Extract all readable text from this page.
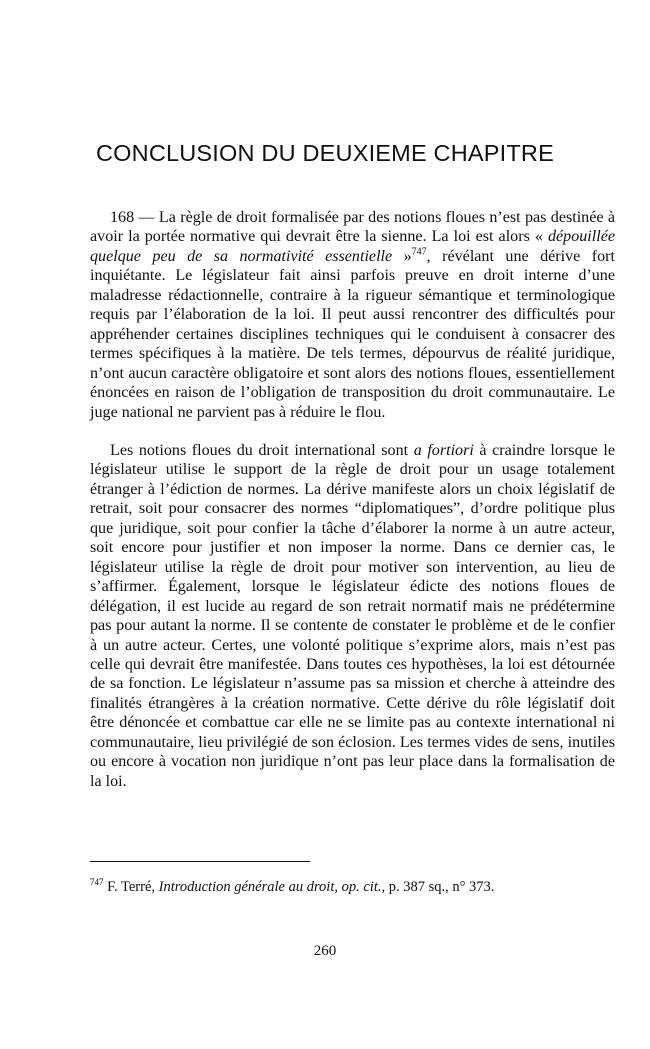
CONCLUSION DU DEUXIEME CHAPITRE

168 — La règle de droit formalisée par des notions floues n’est pas destinée à avoir la portée normative qui devrait être la sienne. La loi est alors « dépouillée quelque peu de sa normativité essentielle »$^{747}$, révélant une dérive fort inquiétante. Le législateur fait ainsi parfois preuve en droit interne d’une maladresse rédactionnelle, contraire à la rigueur sémantique et terminologique requis par l’élaboration de la loi. Il peut aussi rencontrer des difficultés pour appréhender certaines disciplines techniques qui le conduisent à consacrer des termes spécifiques à la matière. De tels termes, dépourvus de réalité juridique, n’ont aucun caractère obligatoire et sont alors des notions floues, essentiellement énoncées en raison de l’obligation de transposition du droit communautaire. Le juge national ne parvient pas à réduire le flou.

Les notions floues du droit international sont a fortiori à craindre lorsque le législateur utilise le support de la règle de droit pour un usage totalement étranger à l’édiction de normes. La dérive manifeste alors un choix législatif de retrait, soit pour consacrer des normes “diplomatiques”, d’ordre politique plus que juridique, soit pour confier la tâche d’élaborer la norme à un autre acteur, soit encore pour justifier et non imposer la norme. Dans ce dernier cas, le législateur utilise la règle de droit pour motiver son intervention, au lieu de s’affirmer. Également, lorsque le législateur édicte des notions floues de délégation, il est lucide au regard de son retrait normatif mais ne prédétermine pas pour autant la norme. Il se contente de constater le problème et de le confier à un autre acteur. Certes, une volonté politique s’exprime alors, mais n’est pas celle qui devrait être manifestée. Dans toutes ces hypothèses, la loi est détournée de sa fonction. Le législateur n’assume pas sa mission et cherche à atteindre des finalités étrangères à la création normative. Cette dérive du rôle législatif doit être dénoncée et combattue car elle ne se limite pas au contexte international ni communautaire, lieu privilégié de son éclosion. Les termes vides de sens, inutiles ou encore à vocation non juridique n’ont pas leur place dans la formalisation de la loi.

$^{747}$ F. Terré, Introduction générale au droit, op. cit., p. 387 sq., n° 373.

260
